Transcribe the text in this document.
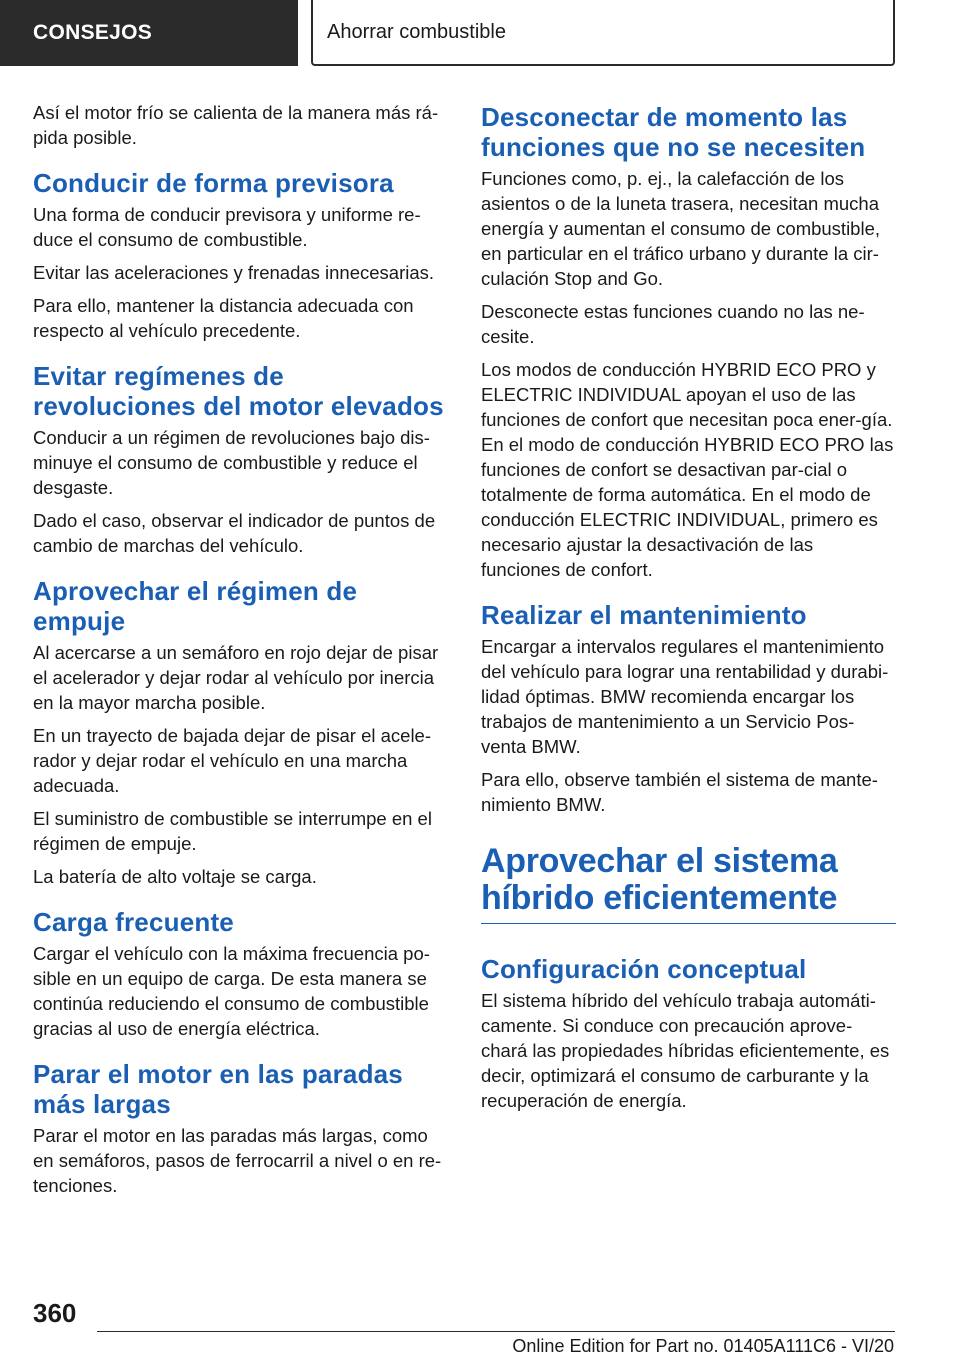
CONSEJOS	Ahorrar combustible

Así el motor frío se calienta de la manera más rá-pida posible.

Conducir de forma previsora

Una forma de conducir previsora y uniforme re-duce el consumo de combustible.

Evitar las aceleraciones y frenadas innecesarias.

Para ello, mantener la distancia adecuada con respecto al vehículo precedente.

Evitar regímenes de revoluciones del motor elevados

Conducir a un régimen de revoluciones bajo dis-minuye el consumo de combustible y reduce el desgaste.

Dado el caso, observar el indicador de puntos de cambio de marchas del vehículo.

Aprovechar el régimen de empuje

Al acercarse a un semáforo en rojo dejar de pisar el acelerador y dejar rodar al vehículo por inercia en la mayor marcha posible.

En un trayecto de bajada dejar de pisar el acele-rador y dejar rodar el vehículo en una marcha adecuada.

El suministro de combustible se interrumpe en el régimen de empuje.

La batería de alto voltaje se carga.

Carga frecuente

Cargar el vehículo con la máxima frecuencia po-sible en un equipo de carga. De esta manera se continúa reduciendo el consumo de combustible gracias al uso de energía eléctrica.

Parar el motor en las paradas más largas

Parar el motor en las paradas más largas, como en semáforos, pasos de ferrocarril a nivel o en re-tenciones.

Desconectar de momento las funciones que no se necesiten

Funciones como, p. ej., la calefacción de los asientos o de la luneta trasera, necesitan mucha energía y aumentan el consumo de combustible, en particular en el tráfico urbano y durante la cir-culación Stop and Go.

Desconecte estas funciones cuando no las ne-cesite.

Los modos de conducción HYBRID ECO PRO y ELECTRIC INDIVIDUAL apoyan el uso de las funciones de confort que necesitan poca ener-gía. En el modo de conducción HYBRID ECO PRO las funciones de confort se desactivan par-cial o totalmente de forma automática. En el modo de conducción ELECTRIC INDIVIDUAL, primero es necesario ajustar la desactivación de las funciones de confort.

Realizar el mantenimiento

Encargar a intervalos regulares el mantenimiento del vehículo para lograr una rentabilidad y durabi-lidad óptimas. BMW recomienda encargar los trabajos de mantenimiento a un Servicio Pos-venta BMW.

Para ello, observe también el sistema de mante-nimiento BMW.

Aprovechar el sistema híbrido eficientemente
Configuración conceptual

El sistema híbrido del vehículo trabaja automáti-camente. Si conduce con precaución aprove-chará las propiedades híbridas eficientemente, es decir, optimizará el consumo de carburante y la recuperación de energía.

360
Online Edition for Part no. 01405A111C6 - VI/20
